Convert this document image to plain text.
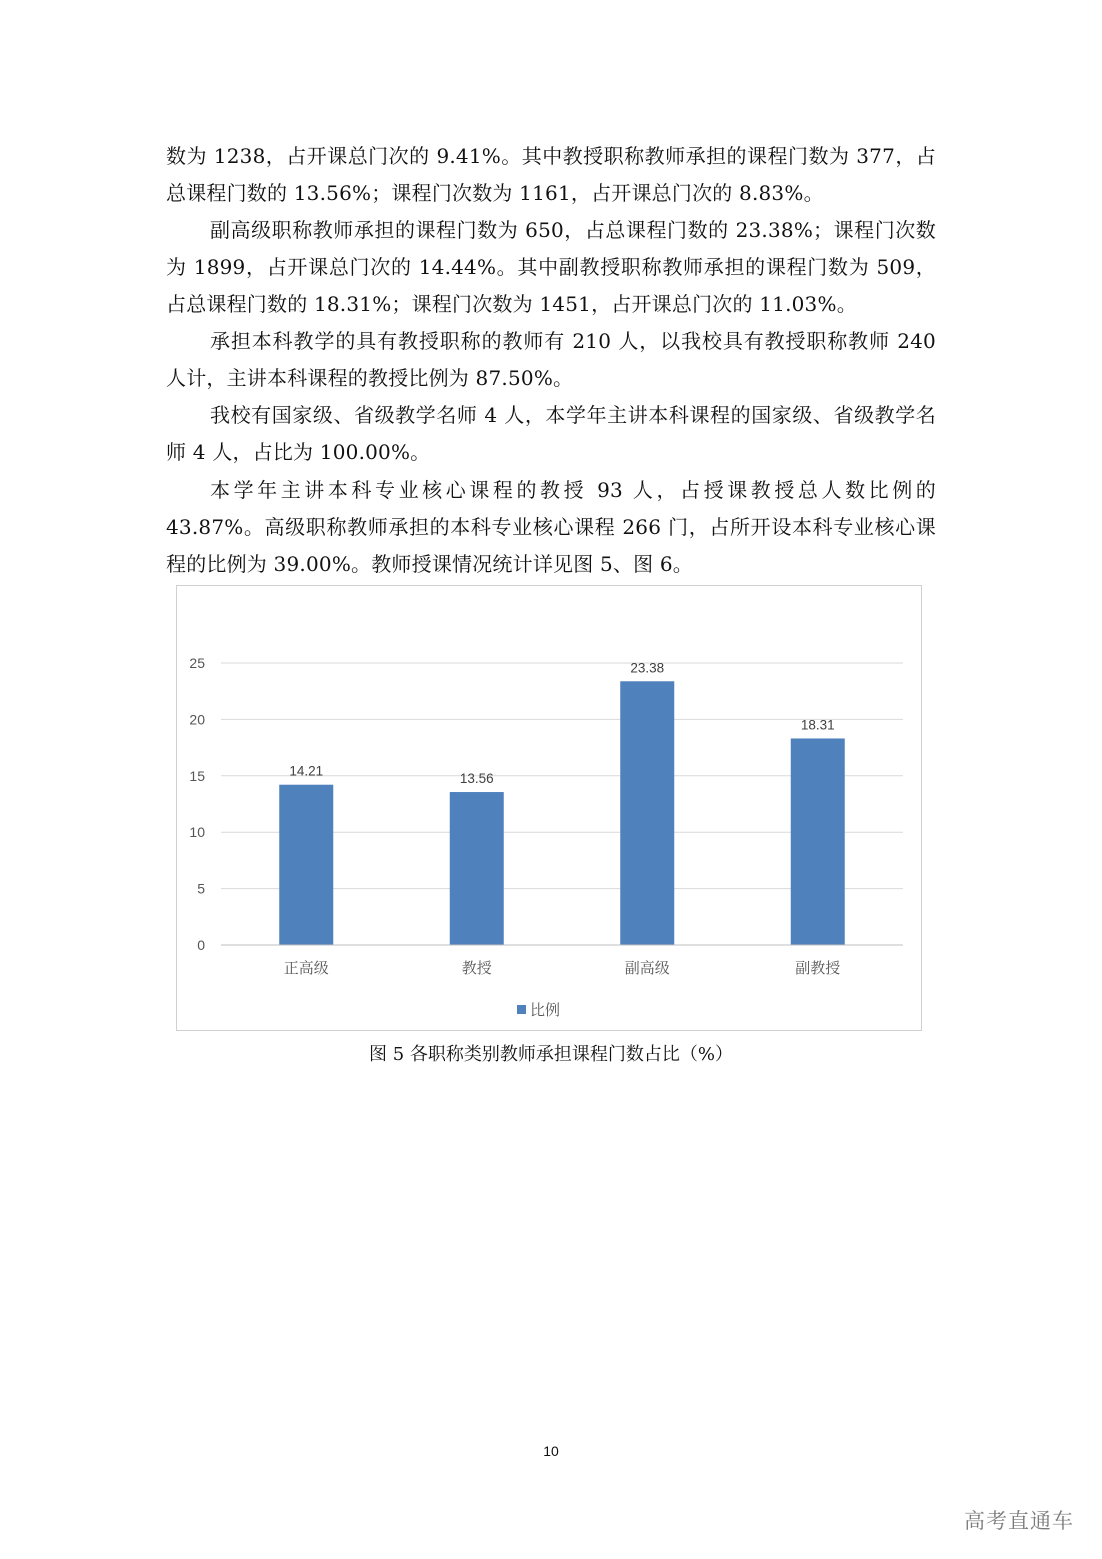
数为 1238，占开课总门次的 9.41%。其中教授职称教师承担的课程门数为 377，占总课程门数的 13.56%；课程门次数为 1161，占开课总门次的 8.83%。

副高级职称教师承担的课程门数为 650，占总课程门数的 23.38%；课程门次数为 1899，占开课总门次的 14.44%。其中副教授职称教师承担的课程门数为 509，占总课程门数的 18.31%；课程门次数为 1451，占开课总门次的 11.03%。

承担本科教学的具有教授职称的教师有 210 人，以我校具有教授职称教师 240 人计，主讲本科课程的教授比例为 87.50%。

我校有国家级、省级教学名师 4 人，本学年主讲本科课程的国家级、省级教学名师 4 人，占比为 100.00%。

本学年主讲本科专业核心课程的教授 93 人，占授课教授总人数比例的 43.87%。高级职称教师承担的本科专业核心课程 266 门，占所开设本科专业核心课程的比例为 39.00%。教师授课情况统计详见图 5、图 6。

14.21	13.56
23.38
18.31
0
5
10
15
20
25
正高级	教授	副高级	副教授
比例
图 5 各职称类别教师承担课程门数占比（%）
10
高考直通车
